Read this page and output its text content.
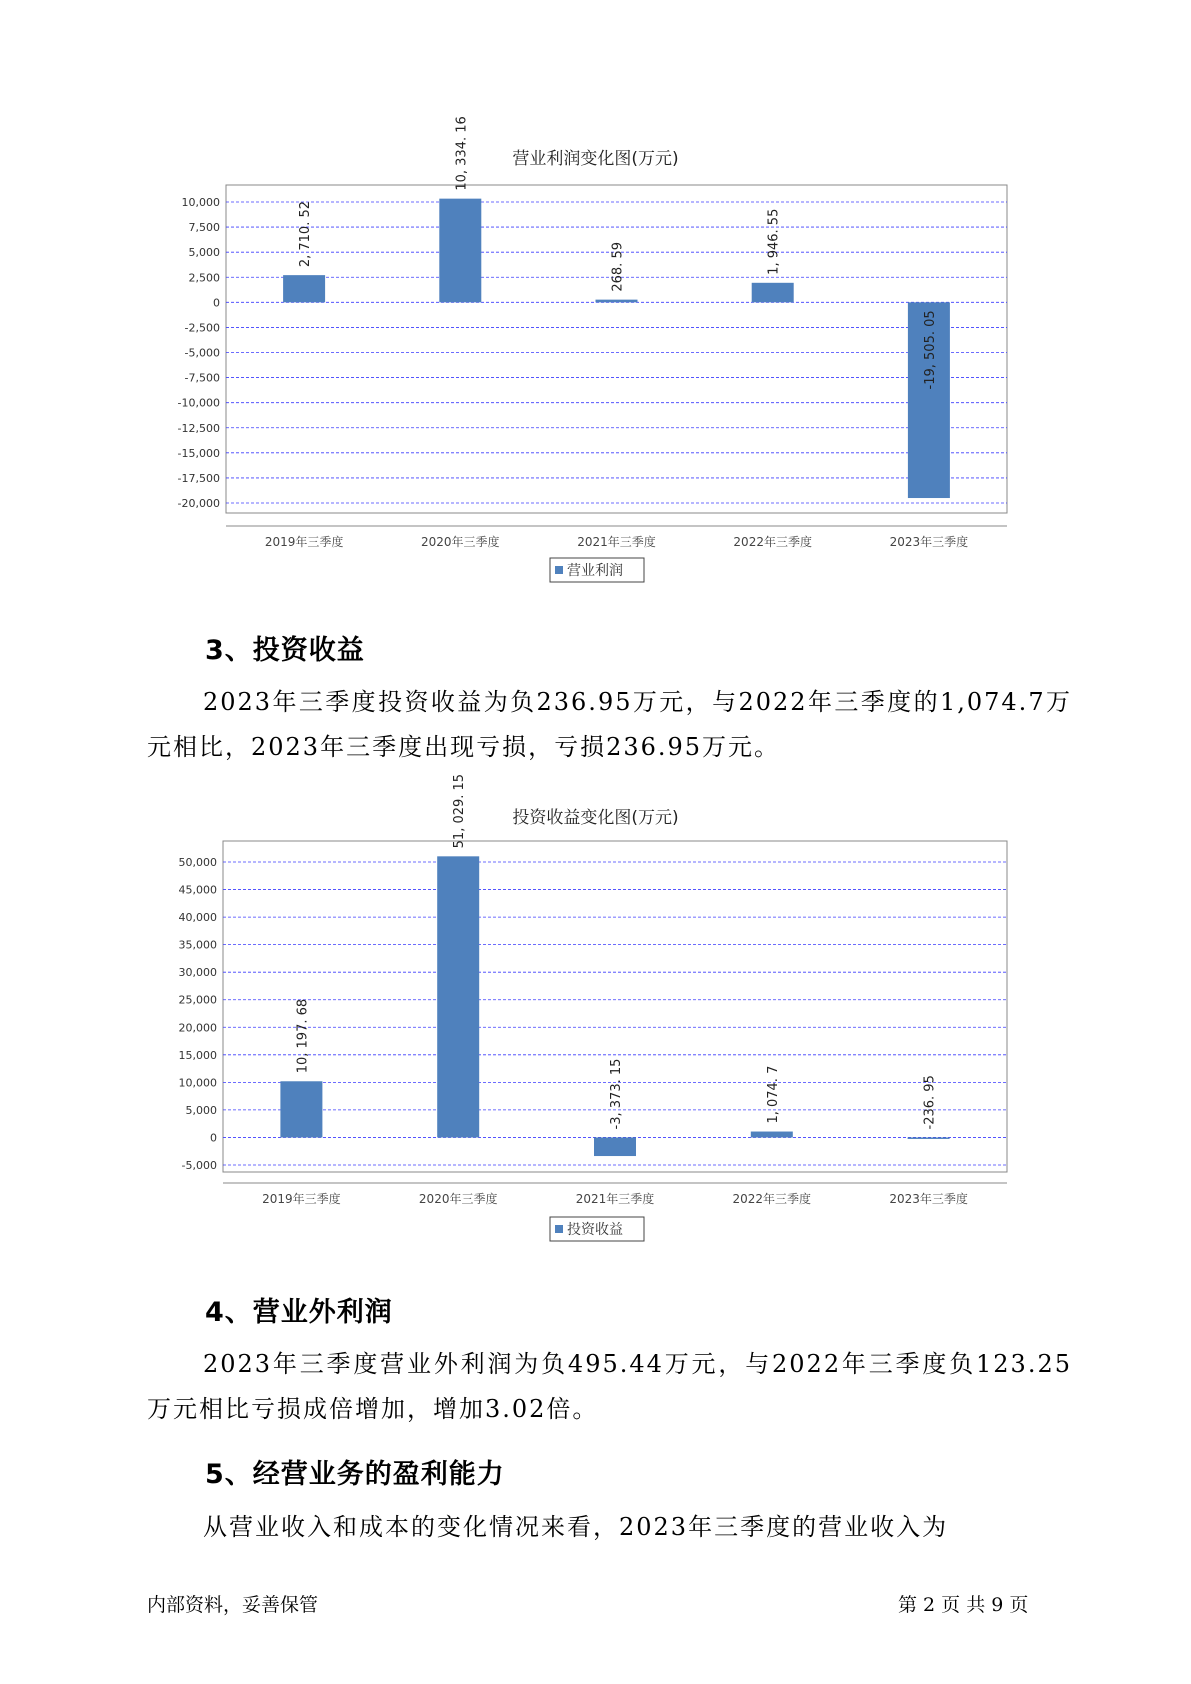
营业利润变化图(万元)
10,000
7,500
5,000
2,500
0
-2,500
-5,000
-7,500
-10,000
-12,500
-15,000
-17,500
-20,000
2, 710. 52
2019年三季度
10, 334. 16
2020年三季度
268. 59
2021年三季度
1, 946. 55
2022年三季度
-19, 505. 05
2023年三季度
营业利润
3、投资收益
2023年三季度投资收益为负236.95万元，与2022年三季度的1,074.7万元相比，2023年三季度出现亏损，亏损236.95万元。
投资收益变化图(万元)
50,000
45,000
40,000
35,000
30,000
25,000
20,000
15,000
10,000
5,000
0
-5,000
10, 197. 68
2019年三季度
51, 029. 15
2020年三季度
-3, 373. 15
2021年三季度
1, 074. 7
2022年三季度
-236. 95
2023年三季度
投资收益
4、营业外利润
2023年三季度营业外利润为负495.44万元，与2022年三季度负123.25万元相比亏损成倍增加，增加3.02倍。
5、经营业务的盈利能力
从营业收入和成本的变化情况来看，2023年三季度的营业收入为
内部资料，妥善保管	第 2 页 共 9 页
